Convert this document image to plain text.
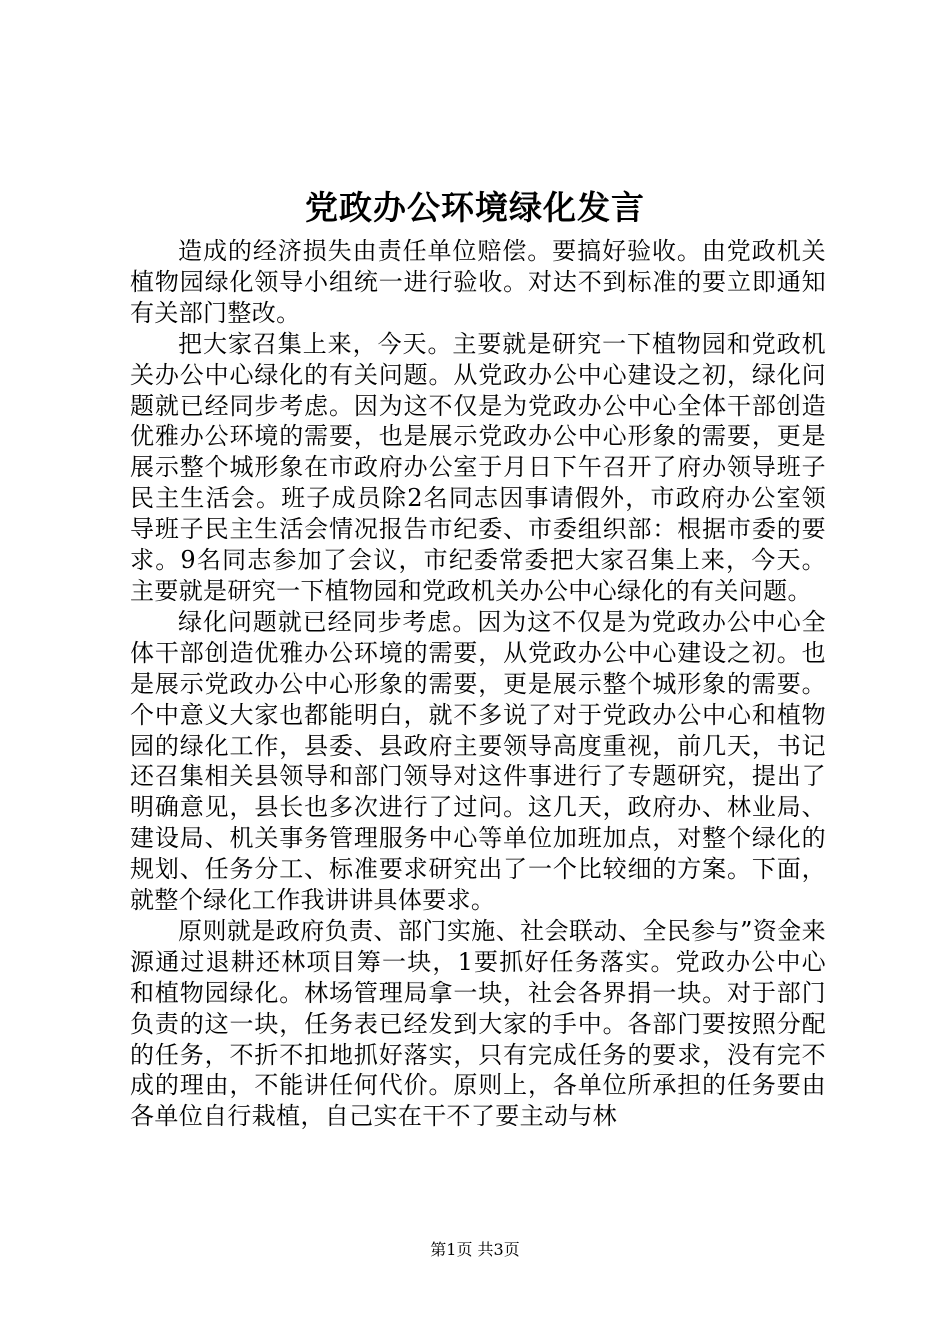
党政办公环境绿化发言

造成的经济损失由责任单位赔偿。要搞好验收。由党政机关植物园绿化领导小组统一进行验收。对达不到标准的要立即通知有关部门整改。

把大家召集上来，今天。主要就是研究一下植物园和党政机关办公中心绿化的有关问题。从党政办公中心建设之初，绿化问题就已经同步考虑。因为这不仅是为党政办公中心全体干部创造优雅办公环境的需要，也是展示党政办公中心形象的需要，更是展示整个城形象在市政府办公室于月日下午召开了府办领导班子民主生活会。班子成员除2名同志因事请假外，市政府办公室领导班子民主生活会情况报告市纪委、市委组织部：根据市委的要求。9名同志参加了会议，市纪委常委把大家召集上来，今天。主要就是研究一下植物园和党政机关办公中心绿化的有关问题。

绿化问题就已经同步考虑。因为这不仅是为党政办公中心全体干部创造优雅办公环境的需要，从党政办公中心建设之初。也是展示党政办公中心形象的需要，更是展示整个城形象的需要。个中意义大家也都能明白，就不多说了对于党政办公中心和植物园的绿化工作，县委、县政府主要领导高度重视，前几天，书记还召集相关县领导和部门领导对这件事进行了专题研究，提出了明确意见，县长也多次进行了过问。这几天，政府办、林业局、建设局、机关事务管理服务中心等单位加班加点，对整个绿化的规划、任务分工、标准要求研究出了一个比较细的方案。下面，就整个绿化工作我讲讲具体要求。

原则就是政府负责、部门实施、社会联动、全民参与”资金来源通过退耕还林项目筹一块，1要抓好任务落实。党政办公中心和植物园绿化。林场管理局拿一块，社会各界捐一块。对于部门负责的这一块，任务表已经发到大家的手中。各部门要按照分配的任务，不折不扣地抓好落实，只有完成任务的要求，没有完不成的理由，不能讲任何代价。原则上，各单位所承担的任务要由各单位自行栽植，自己实在干不了要主动与林

第1页 共3页
